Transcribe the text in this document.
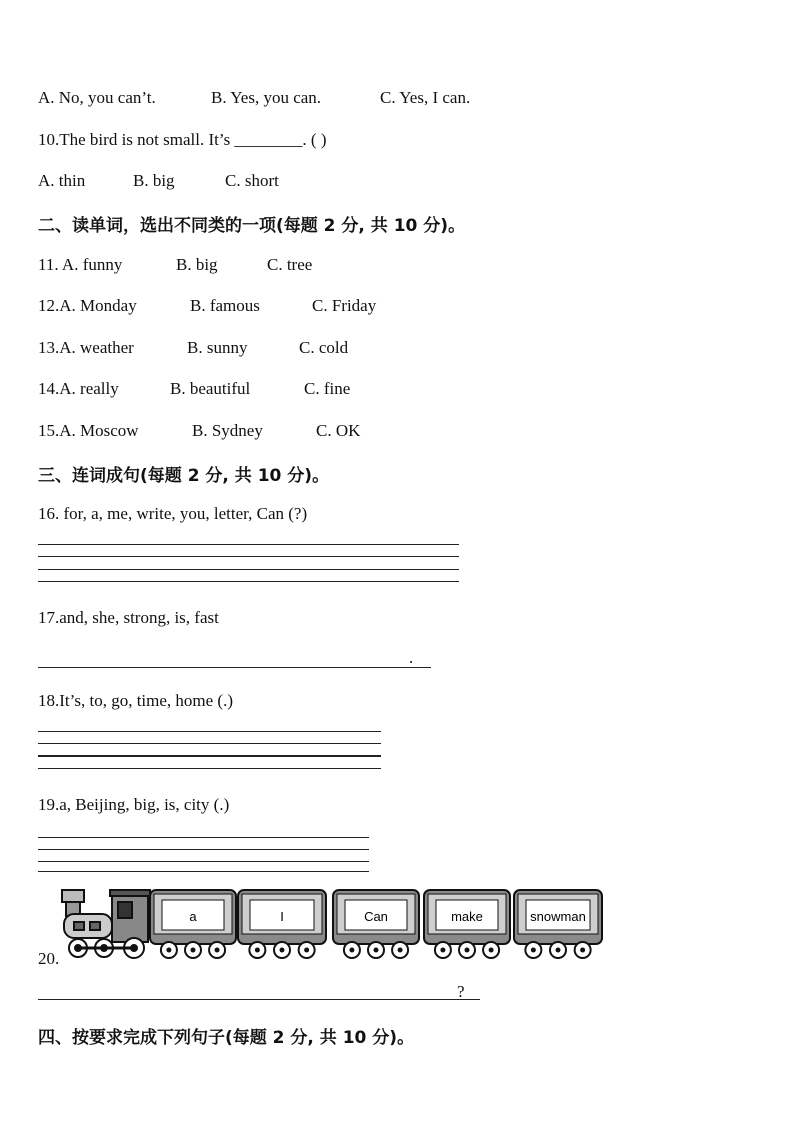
A. No, you can’t.	B. Yes, you can.	C. Yes, I can.
10.The bird is not small. It’s ________. ( )
A. thin	B. big	C. short
二、读单词，选出不同类的一项(每题 2 分, 共 10 分)。
11. A. funny	B. big	C. tree
12.A. Monday	B. famous	C. Friday
13.A. weather	B. sunny	C. cold
14.A. really	B. beautiful	C. fine
15.A. Moscow	B. Sydney	C. OK
三、连词成句(每题 2 分, 共 10 分)。
16. for, a, me, write, you, letter, Can (?)
17.and, she, strong, is, fast
.
18.It’s, to, go, time, home (.)
19.a, Beijing, big, is, city (.)
20.
a	I	Can	make	snowman
?
四、按要求完成下列句子(每题 2 分, 共 10 分)。
